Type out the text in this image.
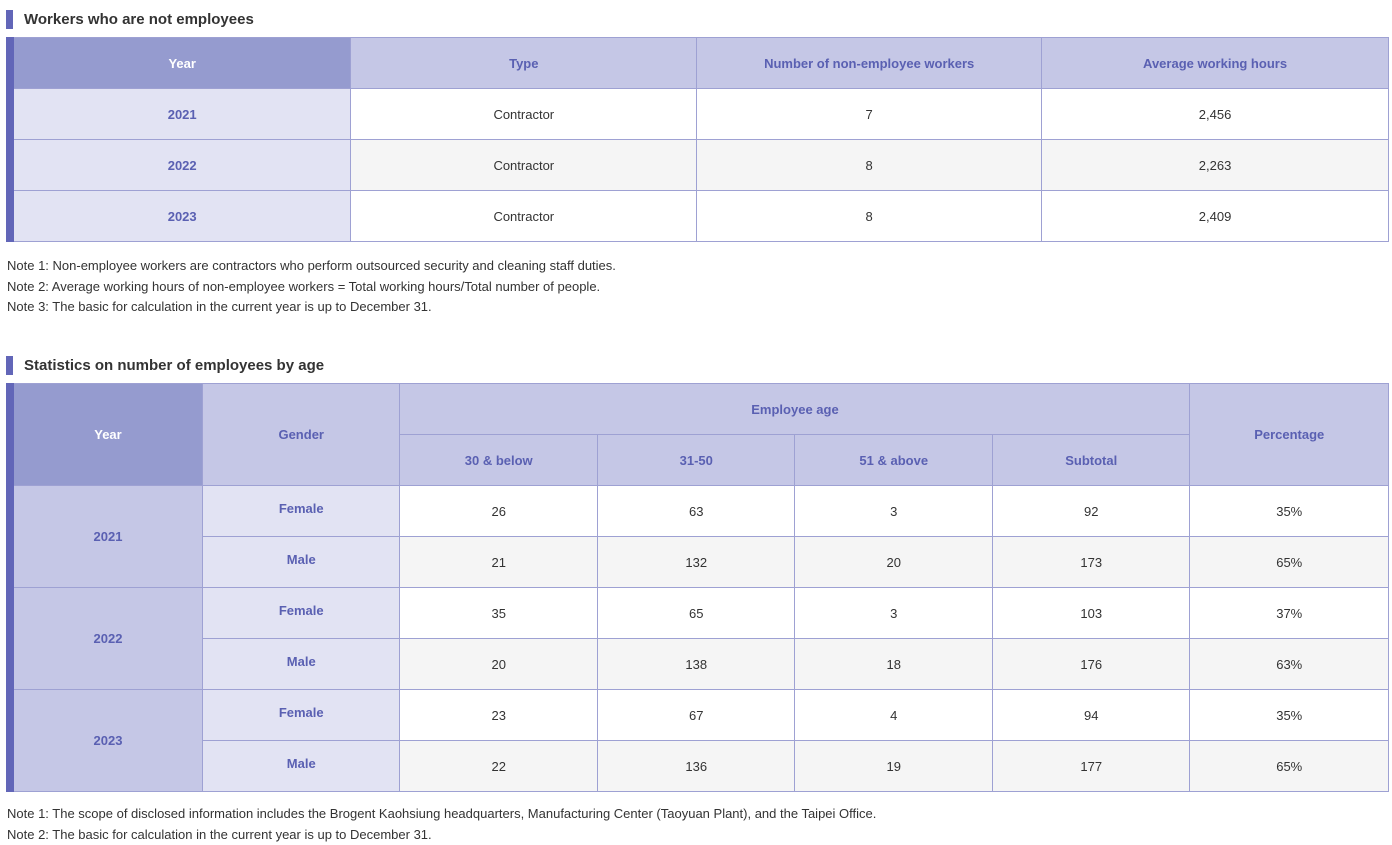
Workers who are not employees
Year	Type	Number of non-employee workers	Average working hours
2021	Contractor	7	2,456
2022	Contractor	8	2,263
2023	Contractor	8	2,409
Note 1: Non-employee workers are contractors who perform outsourced security and cleaning staff duties.
Note 2: Average working hours of non-employee workers = Total working hours/Total number of people.
Note 3: The basic for calculation in the current year is up to December 31.
Statistics on number of employees by age
Year	Gender	Employee age				Percentage
		30 & below	31-50	51 & above	Subtotal	
2021	Female	26	63	3	92	35%
	Male	21	132	20	173	65%
2022	Female	35	65	3	103	37%
	Male	20	138	18	176	63%
2023	Female	23	67	4	94	35%
	Male	22	136	19	177	65%
Note 1: The scope of disclosed information includes the Brogent Kaohsiung headquarters, Manufacturing Center (Taoyuan Plant), and the Taipei Office.
Note 2: The basic for calculation in the current year is up to December 31.
